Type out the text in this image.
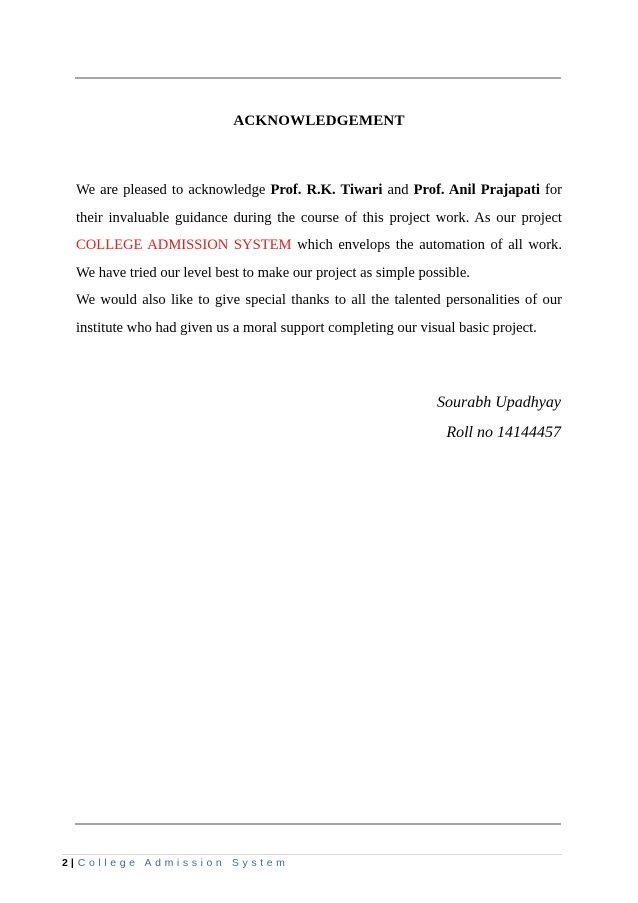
ACKNOWLEDGEMENT

We are pleased to acknowledge Prof. R.K. Tiwari and Prof. Anil Prajapati for their invaluable guidance during the course of this project work. As our project COLLEGE ADMISSION SYSTEM which envelops the automation of all work. We have tried our level best to make our project as simple possible.

We would also like to give special thanks to all the talented personalities of our institute who had given us a moral support completing our visual basic project.

Sourabh Upadhyay
Roll no 14144457
2 | College Admission System
